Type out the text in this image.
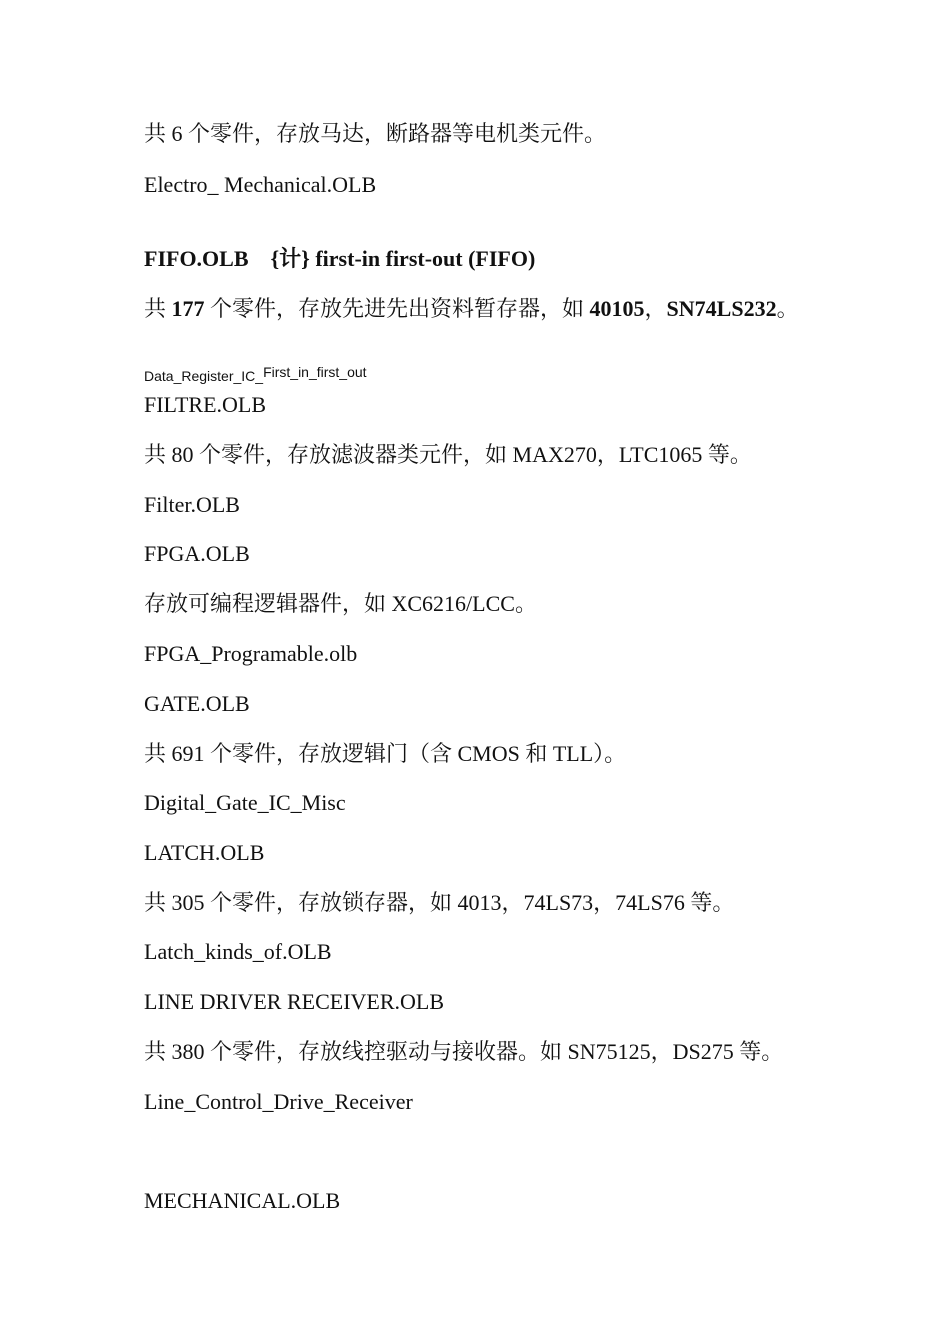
共 6 个零件，存放马达，断路器等电机类元件。
Electro_ Mechanical.OLB
FIFO.OLB {计} first-in first-out (FIFO)
共 177 个零件，存放先进先出资料暂存器，如 40105，SN74LS232。
Data_Register_IC_First_in_first_out
FILTRE.OLB
共 80 个零件，存放滤波器类元件，如 MAX270，LTC1065 等。
Filter.OLB
FPGA.OLB
存放可编程逻辑器件，如 XC6216/LCC。
FPGA_Programable.olb
GATE.OLB
共 691 个零件，存放逻辑门（含 CMOS 和 TLL）。
Digital_Gate_IC_Misc
LATCH.OLB
共 305 个零件，存放锁存器，如 4013，74LS73，74LS76 等。
Latch_kinds_of.OLB
LINE DRIVER RECEIVER.OLB
共 380 个零件，存放线控驱动与接收器。如 SN75125，DS275 等。
Line_Control_Drive_Receiver
MECHANICAL.OLB
